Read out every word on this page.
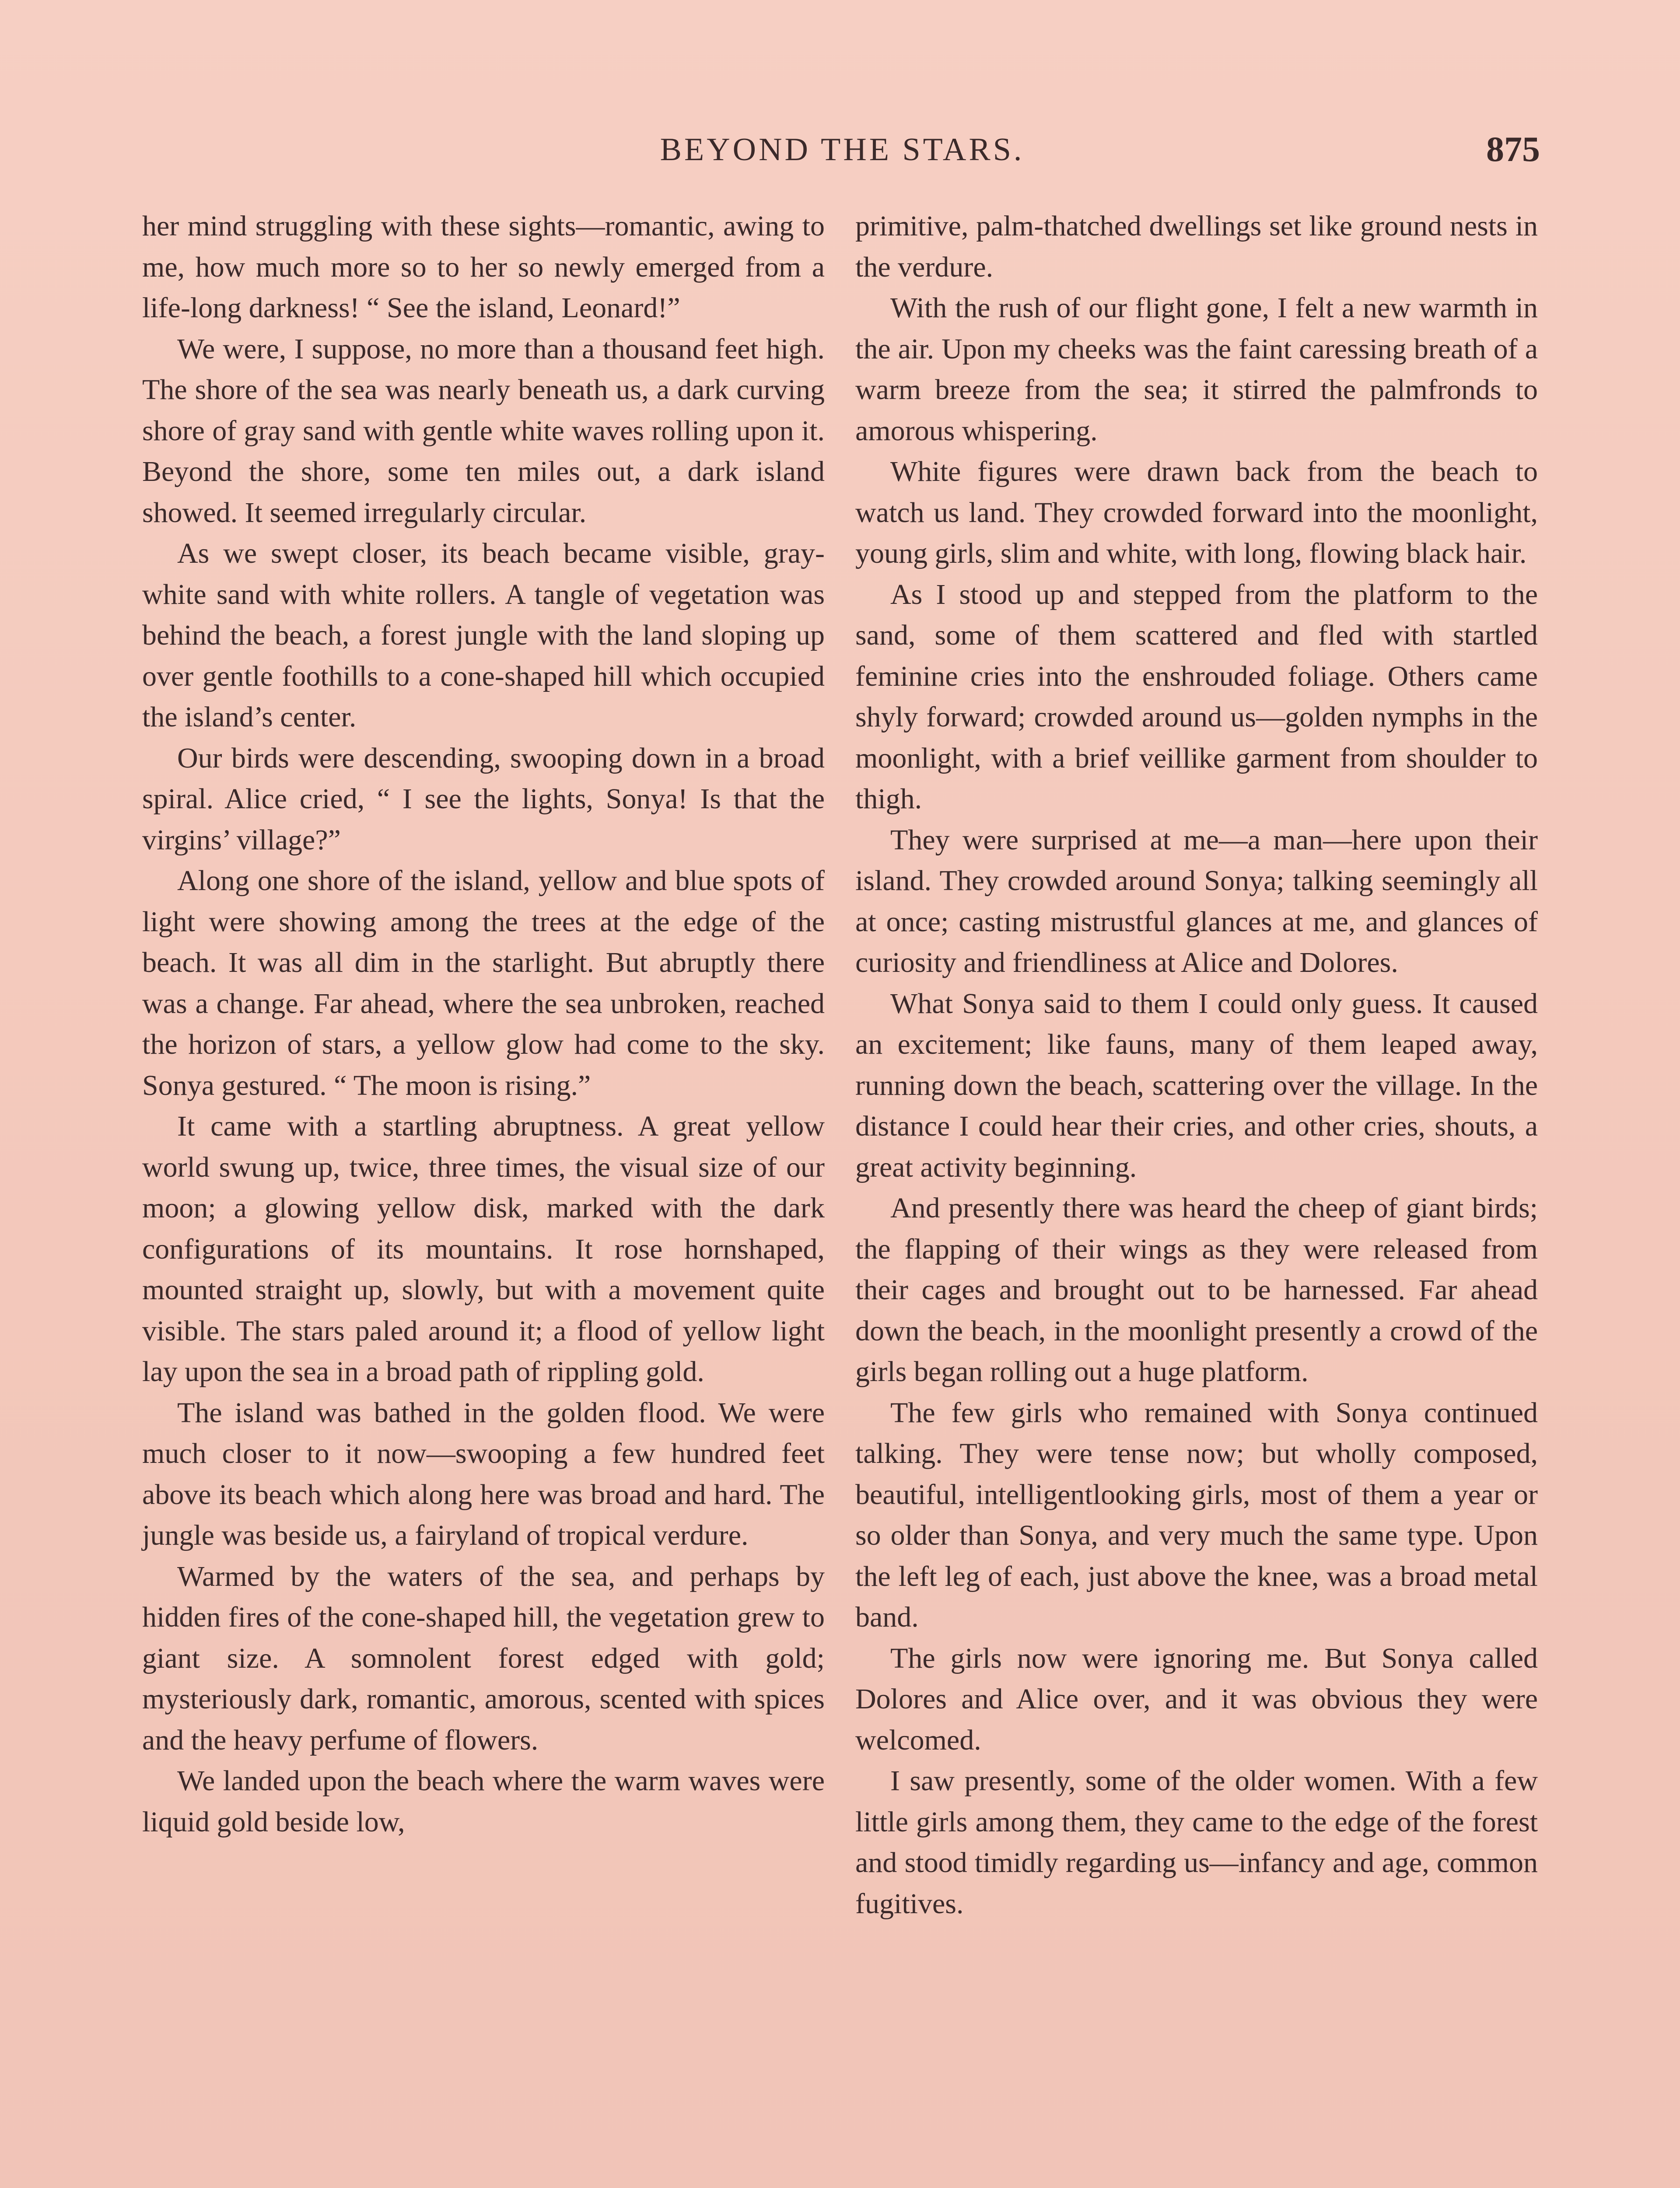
BEYOND THE STARS.	875

her mind struggling with these sights—romantic, awing to me, how much more so to her so newly emerged from a life-long darkness! “ See the island, Leonard!”

We were, I suppose, no more than a thousand feet high. The shore of the sea was nearly beneath us, a dark curving shore of gray sand with gentle white waves rolling upon it. Beyond the shore, some ten miles out, a dark island showed. It seemed irregularly circular.

As we swept closer, its beach became visible, gray-white sand with white rollers. A tangle of vegetation was behind the beach, a forest jungle with the land sloping up over gentle foothills to a cone-shaped hill which occupied the island’s center.

Our birds were descending, swooping down in a broad spiral. Alice cried, “ I see the lights, Sonya! Is that the virgins’ village?”

Along one shore of the island, yellow and blue spots of light were showing among the trees at the edge of the beach. It was all dim in the starlight. But abruptly there was a change. Far ahead, where the sea unbroken, reached the horizon of stars, a yellow glow had come to the sky. Sonya gestured. “ The moon is rising.”

It came with a startling abruptness. A great yellow world swung up, twice, three times, the visual size of our moon; a glowing yellow disk, marked with the dark configurations of its mountains. It rose hornshaped, mounted straight up, slowly, but with a movement quite visible. The stars paled around it; a flood of yellow light lay upon the sea in a broad path of rippling gold.

The island was bathed in the golden flood. We were much closer to it now—swooping a few hundred feet above its beach which along here was broad and hard. The jungle was beside us, a fairyland of tropical verdure.

Warmed by the waters of the sea, and perhaps by hidden fires of the cone-shaped hill, the vegetation grew to giant size. A somnolent forest edged with gold; mysteriously dark, romantic, amorous, scented with spices and the heavy perfume of flowers.

We landed upon the beach where the warm waves were liquid gold beside low,

primitive, palm-thatched dwellings set like ground nests in the verdure.

With the rush of our flight gone, I felt a new warmth in the air. Upon my cheeks was the faint caressing breath of a warm breeze from the sea; it stirred the palmfronds to amorous whispering.

White figures were drawn back from the beach to watch us land. They crowded forward into the moonlight, young girls, slim and white, with long, flowing black hair.

As I stood up and stepped from the platform to the sand, some of them scattered and fled with startled feminine cries into the enshrouded foliage. Others came shyly forward; crowded around us—golden nymphs in the moonlight, with a brief veillike garment from shoulder to thigh.

They were surprised at me—a man—here upon their island. They crowded around Sonya; talking seemingly all at once; casting mistrustful glances at me, and glances of curiosity and friendliness at Alice and Dolores.

What Sonya said to them I could only guess. It caused an excitement; like fauns, many of them leaped away, running down the beach, scattering over the village. In the distance I could hear their cries, and other cries, shouts, a great activity beginning.

And presently there was heard the cheep of giant birds; the flapping of their wings as they were released from their cages and brought out to be harnessed. Far ahead down the beach, in the moonlight presently a crowd of the girls began rolling out a huge platform.

The few girls who remained with Sonya continued talking. They were tense now; but wholly composed, beautiful, intelligentlooking girls, most of them a year or so older than Sonya, and very much the same type. Upon the left leg of each, just above the knee, was a broad metal band.

The girls now were ignoring me. But Sonya called Dolores and Alice over, and it was obvious they were welcomed.

I saw presently, some of the older women. With a few little girls among them, they came to the edge of the forest and stood timidly regarding us—infancy and age, common fugitives.
